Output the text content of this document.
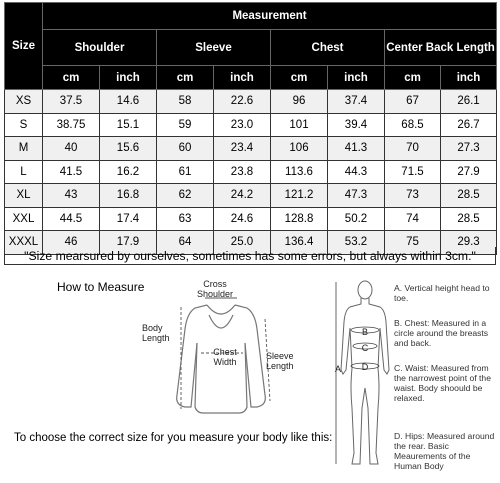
Size	Measurement							
	Shoulder		Sleeve		Chest		Center Back Length	
	cm	inch	cm	inch	cm	inch	cm	inch
XS	37.5	14.6	58	22.6	96	37.4	67	26.1
S	38.75	15.1	59	23.0	101	39.4	68.5	26.7
M	40	15.6	60	23.4	106	41.3	70	27.3
L	41.5	16.2	61	23.8	113.6	44.3	71.5	27.9
XL	43	16.8	62	24.2	121.2	47.3	73	28.5
XXL	44.5	17.4	63	24.6	128.8	50.2	74	28.5
XXXL	46	17.9	64	25.0	136.4	53.2	75	29.3
"Size mearsured by ourselves, sometimes has some errors, but always within 3cm."
How to Measure	Cross
Shoulder
Body
Length
Chest
Width
Sleeve
Length
To choose the correct size for you measure your body like this:
A
B
C
D
A. Vertical height head to toe.
B. Chest: Measured in a circle around the breasts and back.
C. Waist: Measured from the narrowest point of the waist. Body shoould be relaxed.
D. Hips: Measured around the rear. Basic Meaurements of the Human Body
